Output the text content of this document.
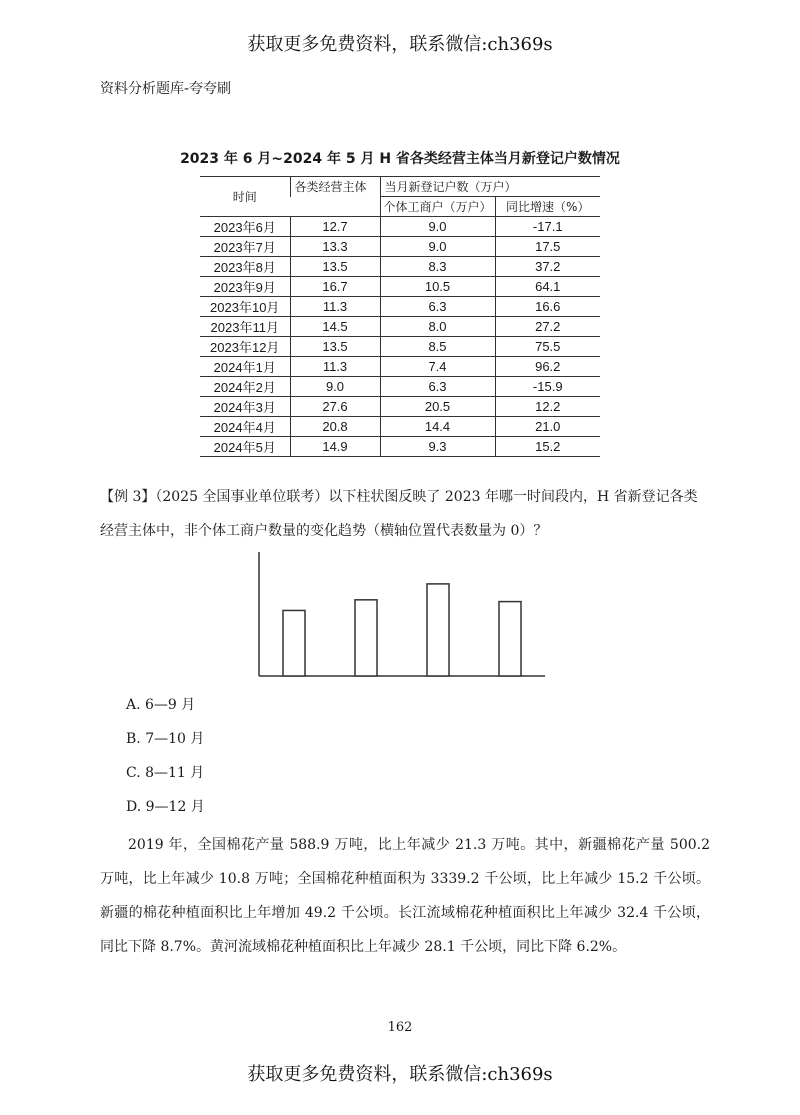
获取更多免费资料，联系微信:ch369s
资料分析题库-夸夸刷
2023 年 6 月~2024 年 5 月 H 省各类经营主体当月新登记户数情况
时间	各类经营主体	当月新登记户数（万户）	
		个体工商户（万户）	同比增速（%）
2023年6月	12.7	9.0	-17.1
2023年7月	13.3	9.0	17.5
2023年8月	13.5	8.3	37.2
2023年9月	16.7	10.5	64.1
2023年10月	11.3	6.3	16.6
2023年11月	14.5	8.0	27.2
2023年12月	13.5	8.5	75.5
2024年1月	11.3	7.4	96.2
2024年2月	9.0	6.3	-15.9
2024年3月	27.6	20.5	12.2
2024年4月	20.8	14.4	21.0
2024年5月	14.9	9.3	15.2
【例 3】（2025 全国事业单位联考）以下柱状图反映了 2023 年哪一时间段内，H 省新登记各类经营主体中，非个体工商户数量的变化趋势（横轴位置代表数量为 0）？
A. 6—9 月
B. 7—10 月
C. 8—11 月
D. 9—12 月
2019 年，全国棉花产量 588.9 万吨，比上年减少 21.3 万吨。其中，新疆棉花产量 500.2 万吨，比上年减少 10.8 万吨；全国棉花种植面积为 3339.2 千公顷，比上年减少 15.2 千公顷。新疆的棉花种植面积比上年增加 49.2 千公顷。长江流域棉花种植面积比上年减少 32.4 千公顷，同比下降 8.7%。黄河流域棉花种植面积比上年减少 28.1 千公顷，同比下降 6.2%。
162
获取更多免费资料，联系微信:ch369s
